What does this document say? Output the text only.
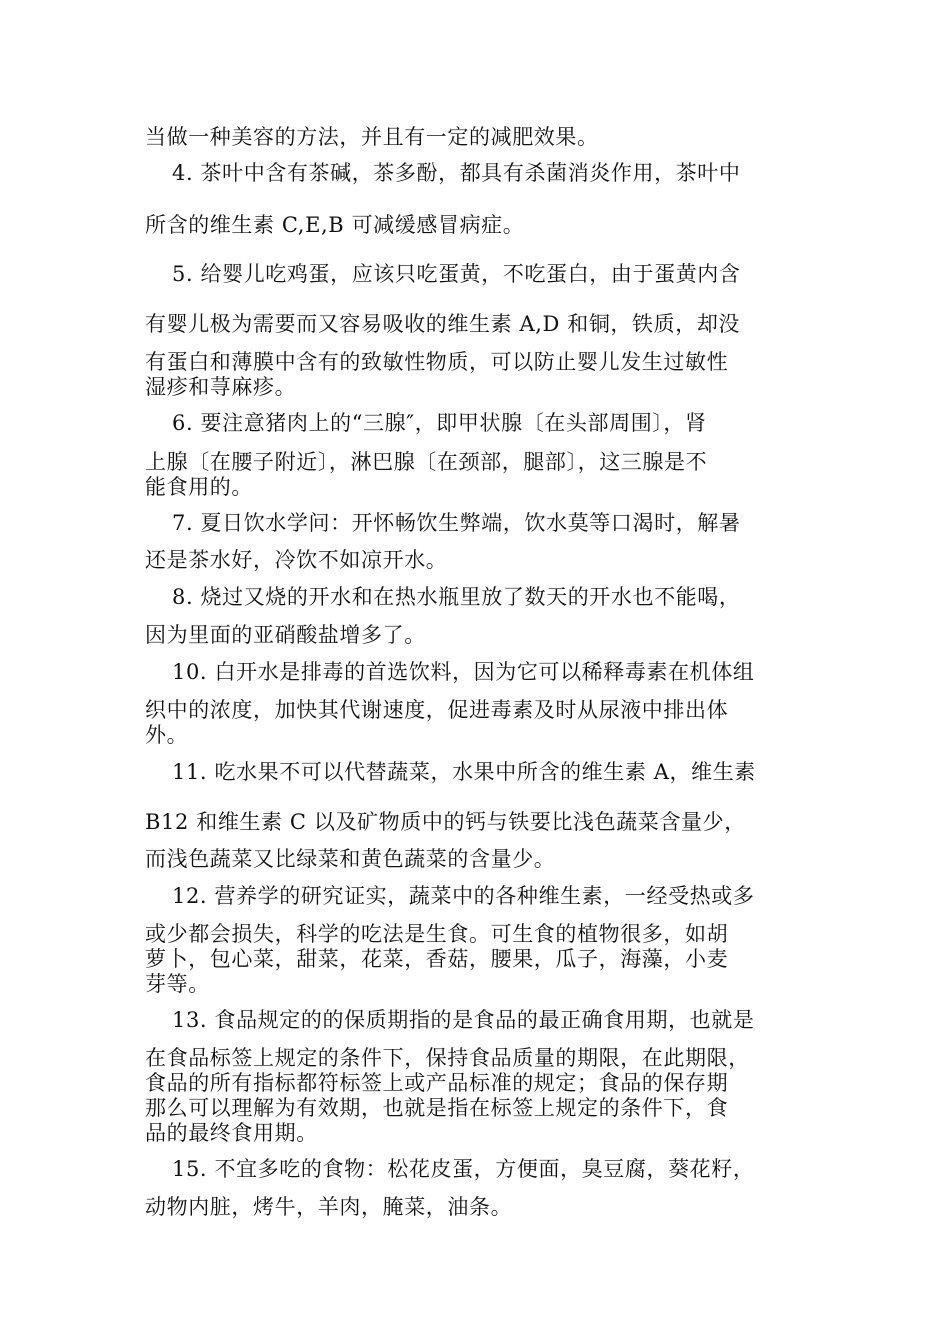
当做一种美容的方法，并且有一定的减肥效果。
4. 茶叶中含有茶碱，茶多酚，都具有杀菌消炎作用，茶叶中
所含的维生素 C,E,B 可减缓感冒病症。
5. 给婴儿吃鸡蛋，应该只吃蛋黄，不吃蛋白，由于蛋黄内含
有婴儿极为需要而又容易吸收的维生素 A,D 和铜，铁质，却没
有蛋白和薄膜中含有的致敏性物质，可以防止婴儿发生过敏性
湿疹和荨麻疹。
6. 要注意猪肉上的“三腺″，即甲状腺〔在头部周围〕，肾
上腺〔在腰子附近〕，淋巴腺〔在颈部，腿部〕，这三腺是不
能食用的。
7. 夏日饮水学问：开怀畅饮生弊端，饮水莫等口渴时，解暑
还是茶水好，冷饮不如凉开水。
8. 烧过又烧的开水和在热水瓶里放了数天的开水也不能喝，
因为里面的亚硝酸盐增多了。
10. 白开水是排毒的首选饮料，因为它可以稀释毒素在机体组
织中的浓度，加快其代谢速度，促进毒素及时从尿液中排出体
外。
11. 吃水果不可以代替蔬菜，水果中所含的维生素 A，维生素
B12 和维生素 C 以及矿物质中的钙与铁要比浅色蔬菜含量少，
而浅色蔬菜又比绿菜和黄色蔬菜的含量少。
12. 营养学的研究证实，蔬菜中的各种维生素，一经受热或多
或少都会损失，科学的吃法是生食。可生食的植物很多，如胡
萝卜，包心菜，甜菜，花菜，香菇，腰果，瓜子，海藻，小麦
芽等。
13. 食品规定的的保质期指的是食品的最正确食用期，也就是
在食品标签上规定的条件下，保持食品质量的期限，在此期限，
食品的所有指标都符标签上或产品标准的规定；食品的保存期
那么可以理解为有效期，也就是指在标签上规定的条件下，食
品的最终食用期。
15. 不宜多吃的食物：松花皮蛋，方便面，臭豆腐，葵花籽，
动物内脏，烤牛，羊肉，腌菜，油条。
